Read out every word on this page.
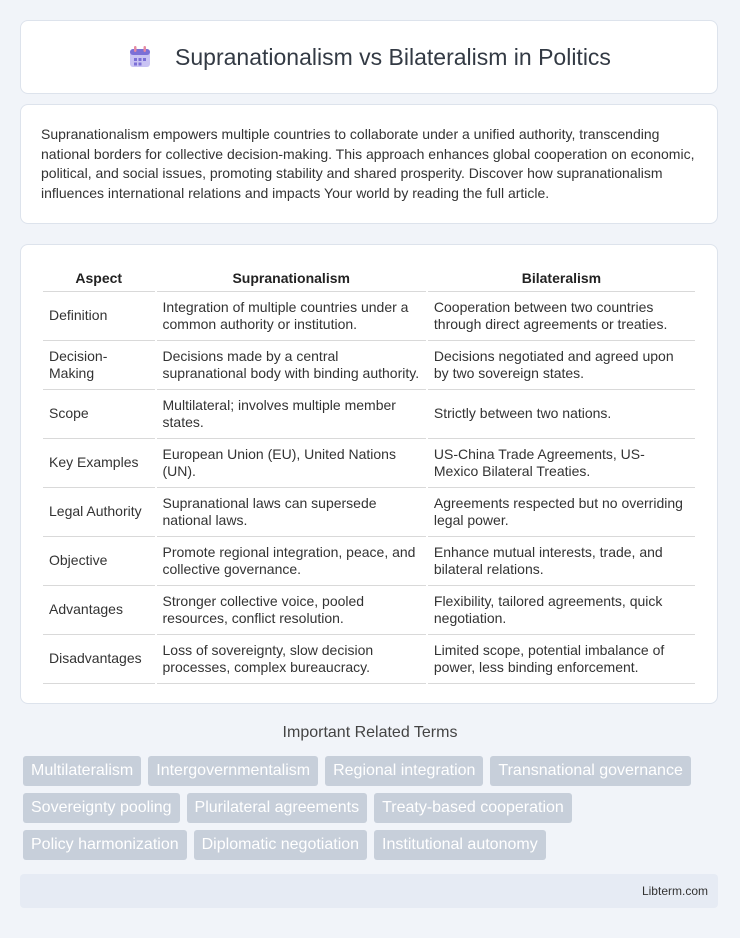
Supranationalism vs Bilateralism in Politics

Supranationalism empowers multiple countries to collaborate under a unified authority, transcending national borders for collective decision-making. This approach enhances global cooperation on economic, political, and social issues, promoting stability and shared prosperity. Discover how supranationalism influences international relations and impacts Your world by reading the full article.

Aspect	Supranationalism	Bilateralism
Definition	Integration of multiple countries under a common authority or institution.	Cooperation between two countries through direct agreements or treaties.
Decision-Making	Decisions made by a central supranational body with binding authority.	Decisions negotiated and agreed upon by two sovereign states.
Scope	Multilateral; involves multiple member states.	Strictly between two nations.
Key Examples	European Union (EU), United Nations (UN).	US-China Trade Agreements, US-Mexico Bilateral Treaties.
Legal Authority	Supranational laws can supersede national laws.	Agreements respected but no overriding legal power.
Objective	Promote regional integration, peace, and collective governance.	Enhance mutual interests, trade, and bilateral relations.
Advantages	Stronger collective voice, pooled resources, conflict resolution.	Flexibility, tailored agreements, quick negotiation.
Disadvantages	Loss of sovereignty, slow decision processes, complex bureaucracy.	Limited scope, potential imbalance of power, less binding enforcement.
Important Related Terms
Multilateralism	Intergovernmentalism	Regional integration	Transnational governance
Sovereignty pooling	Plurilateral agreements	Treaty-based cooperation
Policy harmonization	Diplomatic negotiation	Institutional autonomy
Libterm.com
